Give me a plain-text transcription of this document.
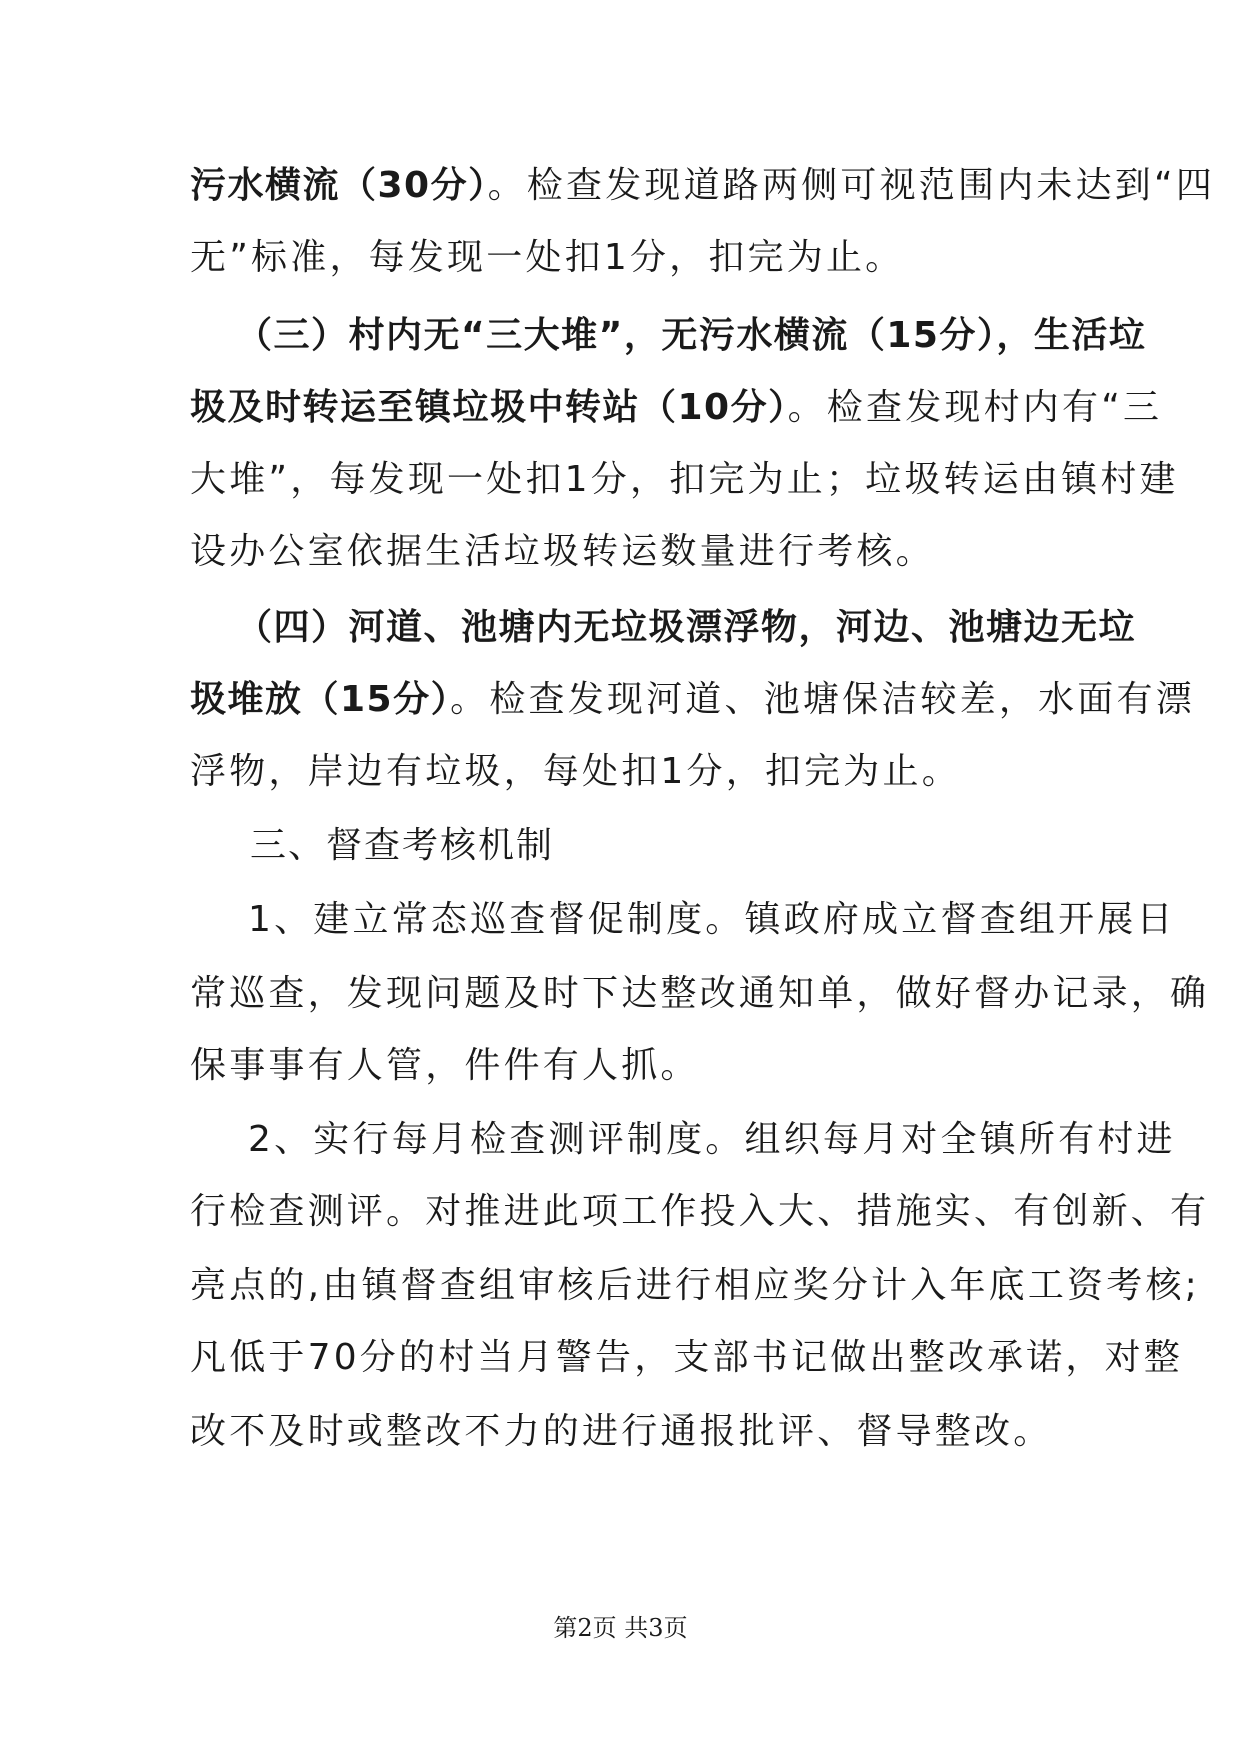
污水横流（30分）。检查发现道路两侧可视范围内未达到“四
无”标准，每发现一处扣1分，扣完为止。
（三）村内无“三大堆”，无污水横流（15分），生活垃
圾及时转运至镇垃圾中转站（10分）。检查发现村内有“三
大堆”，每发现一处扣1分，扣完为止；垃圾转运由镇村建
设办公室依据生活垃圾转运数量进行考核。
（四）河道、池塘内无垃圾漂浮物，河边、池塘边无垃
圾堆放（15分）。检查发现河道、池塘保洁较差，水面有漂
浮物，岸边有垃圾，每处扣1分，扣完为止。
三、督查考核机制
1、建立常态巡查督促制度。镇政府成立督查组开展日
常巡查，发现问题及时下达整改通知单，做好督办记录，确
保事事有人管，件件有人抓。
2、实行每月检查测评制度。组织每月对全镇所有村进
行检查测评。对推进此项工作投入大、措施实、有创新、有
亮点的,由镇督查组审核后进行相应奖分计入年底工资考核;
凡低于70分的村当月警告，支部书记做出整改承诺，对整
改不及时或整改不力的进行通报批评、督导整改。
第2页 共3页
